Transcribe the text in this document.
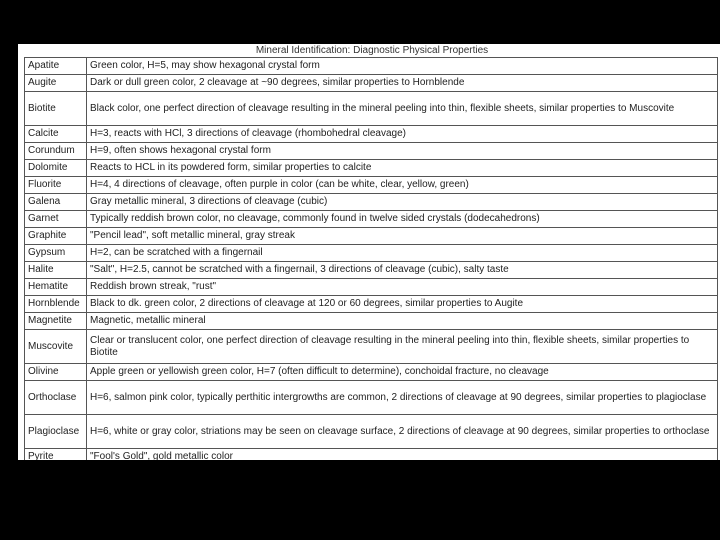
Mineral Identification: Diagnostic Physical Properties
Apatite	Green color, H=5, may show hexagonal crystal form
Augite	Dark or dull green color, 2 cleavage at ~90 degrees, similar properties to Hornblende
Biotite	Black color, one perfect direction of cleavage resulting in the mineral peeling into thin, flexible sheets, similar properties to Muscovite
Calcite	H=3, reacts with HCl, 3 directions of cleavage (rhombohedral cleavage)
Corundum	H=9, often shows hexagonal crystal form
Dolomite	Reacts to HCL in its powdered form, similar properties to calcite
Fluorite	H=4, 4 directions of cleavage, often purple in color (can be white, clear, yellow, green)
Galena	Gray metallic mineral, 3 directions of cleavage (cubic)
Garnet	Typically reddish brown color, no cleavage, commonly found in twelve sided crystals (dodecahedrons)
Graphite	"Pencil lead", soft metallic mineral, gray streak
Gypsum	H=2, can be scratched with a fingernail
Halite	"Salt", H=2.5, cannot be scratched with a fingernail, 3 directions of cleavage (cubic), salty taste
Hematite	Reddish brown streak, "rust"
Hornblende	Black to dk. green color, 2 directions of cleavage at 120 or 60 degrees, similar properties to Augite
Magnetite	Magnetic, metallic mineral
Muscovite	Clear or translucent color, one perfect direction of cleavage resulting in the mineral peeling into thin, flexible sheets, similar properties to Biotite
Olivine	Apple green or yellowish green color, H=7 (often difficult to determine), conchoidal fracture, no cleavage
Orthoclase	H=6, salmon pink color, typically perthitic intergrowths are common, 2 directions of cleavage at 90 degrees, similar properties to plagioclase
Plagioclase	H=6, white or gray color, striations may be seen on cleavage surface, 2 directions of cleavage at 90 degrees, similar properties to orthoclase
Pyrite	"Fool's Gold", gold metallic color
